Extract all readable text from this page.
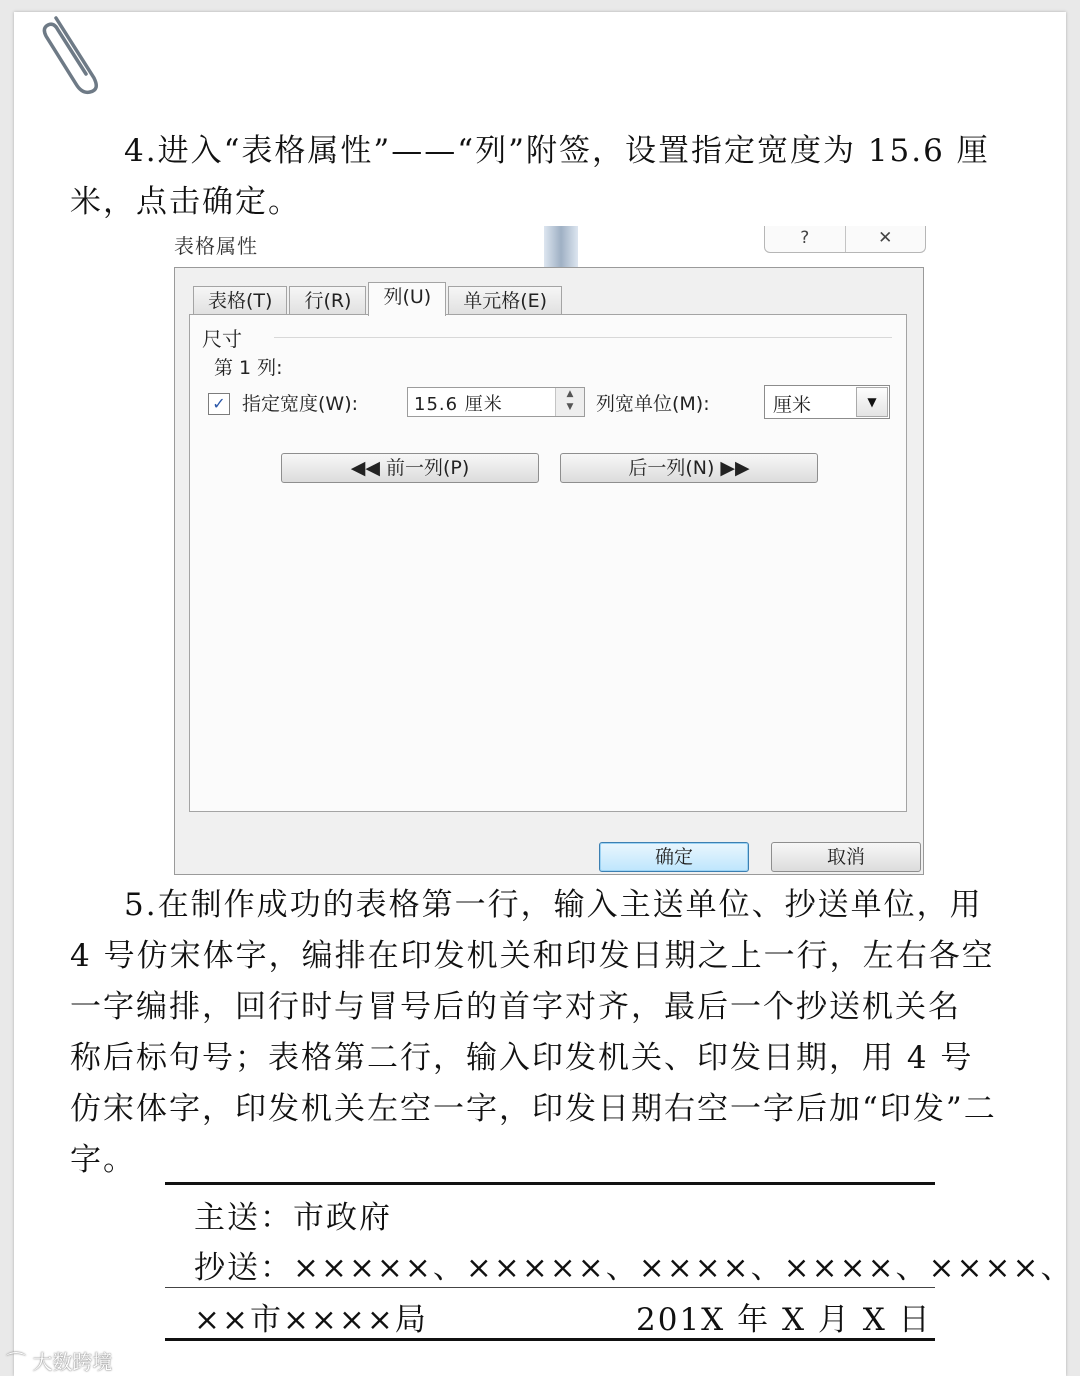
4.进入“表格属性”——“列”附签，设置指定宽度为 15.6 厘
米，点击确定。

表格属性	?	✕
表格(T)	行(R)	列(U)	单元格(E)
尺寸
第 1 列:
✓ 指定宽度(W):	15.6 厘米	▲
▼	列宽单位(M):	厘米	▼
◀◀ 前一列(P)	后一列(N) ▶▶
确定	取消

5.在制作成功的表格第一行，输入主送单位、抄送单位，用
4 号仿宋体字，编排在印发机关和印发日期之上一行，左右各空
一字编排，回行时与冒号后的首字对齐，最后一个抄送机关名
称后标句号；表格第二行，输入印发机关、印发日期，用 4 号
仿宋体字，印发机关左空一字，印发日期右空一字后加“印发”二
字。

主送：市政府
抄送：×××××、×××××、××××、××××、××××、
××市××××局	201X 年 X 月 X 日
⌒ 大数跨境
